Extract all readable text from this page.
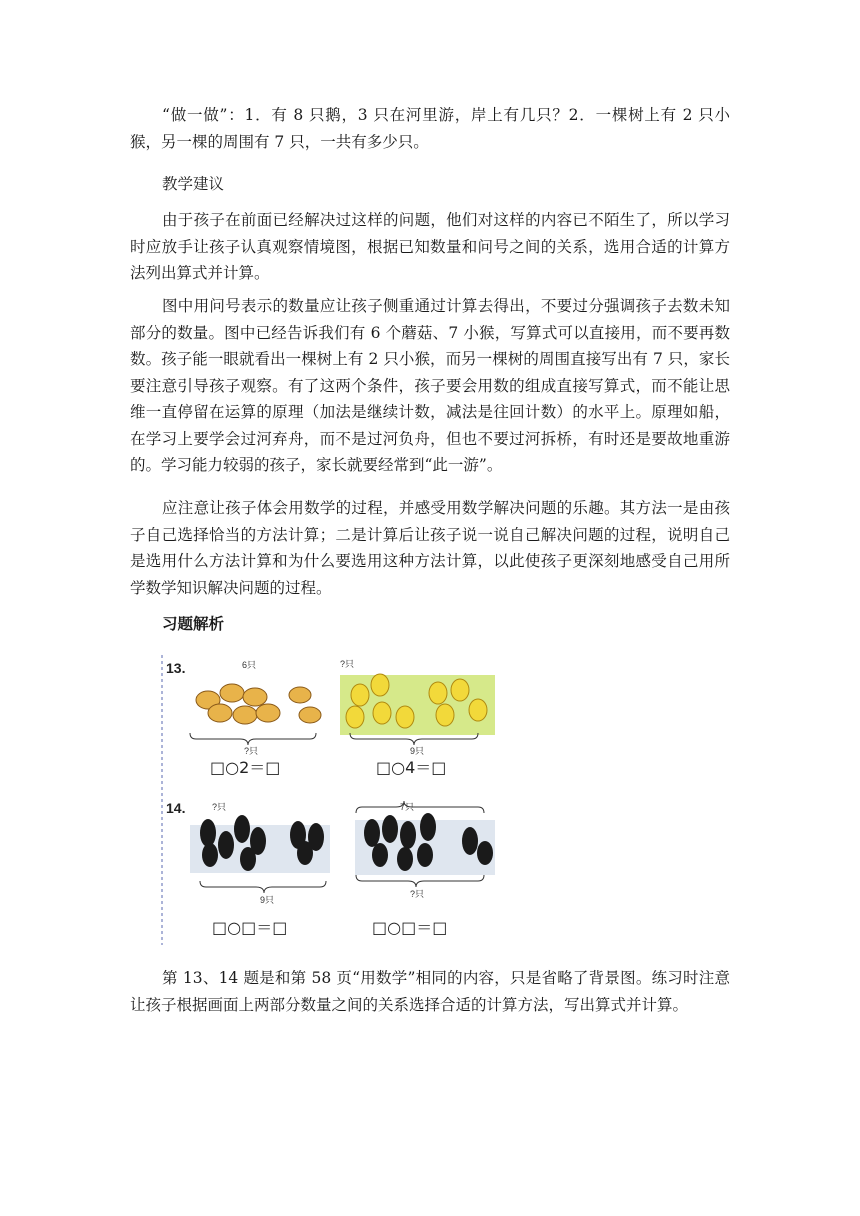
“做一做”：1．有 8 只鹅，3 只在河里游，岸上有几只？2．一棵树上有 2 只小猴，另一棵的周围有 7 只，一共有多少只。

教学建议

由于孩子在前面已经解决过这样的问题，他们对这样的内容已不陌生了，所以学习时应放手让孩子认真观察情境图，根据已知数量和问号之间的关系，选用合适的计算方法列出算式并计算。

图中用问号表示的数量应让孩子侧重通过计算去得出，不要过分强调孩子去数未知部分的数量。图中已经告诉我们有 6 个蘑菇、7 小猴，写算式可以直接用，而不要再数数。孩子能一眼就看出一棵树上有 2 只小猴，而另一棵树的周围直接写出有 7 只，家长要注意引导孩子观察。有了这两个条件，孩子要会用数的组成直接写算式，而不能让思维一直停留在运算的原理（加法是继续计数，减法是往回计数）的水平上。原理如船，在学习上要学会过河弃舟，而不是过河负舟，但也不要过河拆桥，有时还是要故地重游的。学习能力较弱的孩子，家长就要经常到“此一游”。

应注意让孩子体会用数学的过程，并感受用数学解决问题的乐趣。其方法一是由孩子自己选择恰当的方法计算；二是计算后让孩子说一说自己解决问题的过程，说明自己是选用什么方法计算和为什么要选用这种方法计算，以此使孩子更深刻地感受自己用所学数学知识解决问题的过程。

习题解析

13.	6只
?只
□○2＝□
?只
9只
□○4＝□
14.	?只
9只
□○□＝□
7只
?只
□○□＝□

第 13、14 题是和第 58 页“用数学”相同的内容，只是省略了背景图。练习时注意让孩子根据画面上两部分数量之间的关系选择合适的计算方法，写出算式并计算。
